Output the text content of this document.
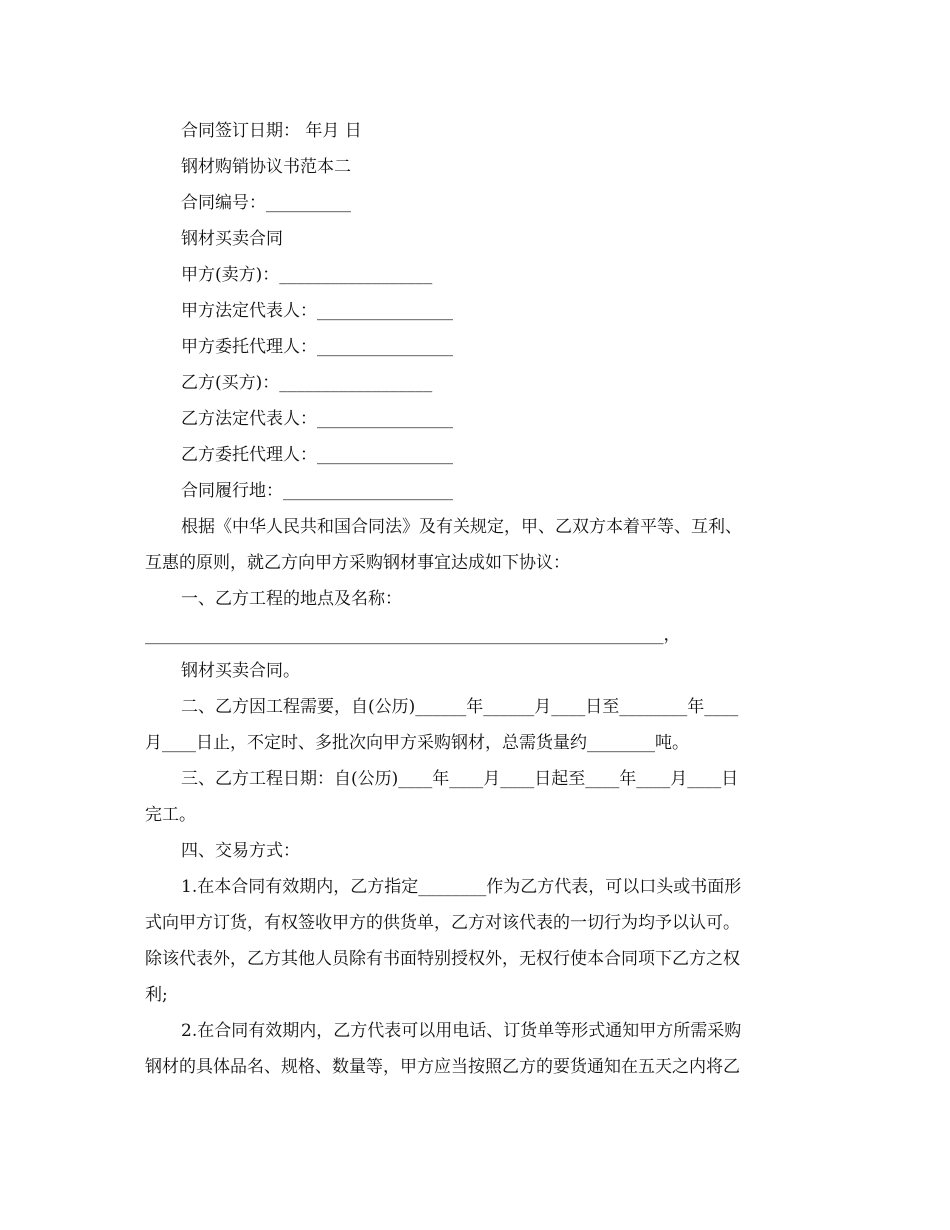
合同签订日期： 年月 日
钢材购销协议书范本二
合同编号：__________
钢材买卖合同
甲方(卖方)：__________________
甲方法定代表人：________________
甲方委托代理人：________________
乙方(买方)：__________________
乙方法定代表人：________________
乙方委托代理人：________________
合同履行地：____________________
根据《中华人民共和国合同法》及有关规定，甲、乙双方本着平等、互利、
互惠的原则，就乙方向甲方采购钢材事宜达成如下协议：
一、乙方工程的地点及名称：
_____________________________________________________________，
钢材买卖合同。
二、乙方因工程需要，自(公历)______年______月____日至________年____
月____日止，不定时、多批次向甲方采购钢材，总需货量约________吨。
三、乙方工程日期：自(公历)____年____月____日起至____年____月____日
完工。
四、交易方式：
1.在本合同有效期内，乙方指定________作为乙方代表，可以口头或书面形
式向甲方订货，有权签收甲方的供货单，乙方对该代表的一切行为均予以认可。
除该代表外，乙方其他人员除有书面特别授权外，无权行使本合同项下乙方之权
利;
2.在合同有效期内，乙方代表可以用电话、订货单等形式通知甲方所需采购
钢材的具体品名、规格、数量等，甲方应当按照乙方的要货通知在五天之内将乙
